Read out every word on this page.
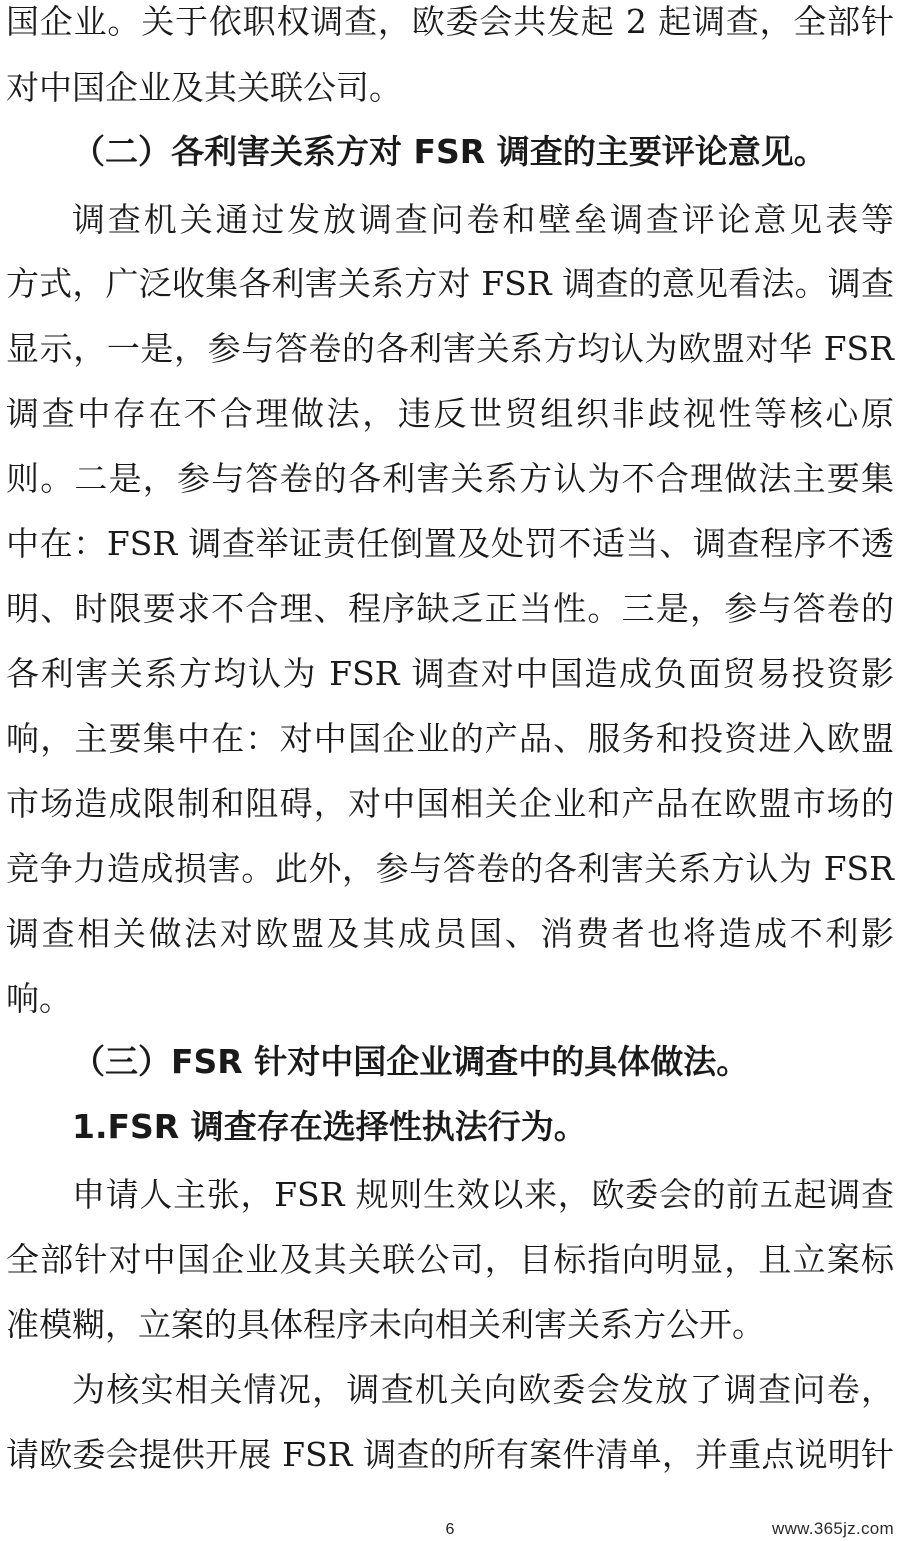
国企业。关于依职权调查，欧委会共发起 2 起调查，全部针
对中国企业及其关联公司。
（二）各利害关系方对 FSR 调查的主要评论意见。
调查机关通过发放调查问卷和壁垒调查评论意见表等
方式，广泛收集各利害关系方对 FSR 调查的意见看法。调查
显示，一是，参与答卷的各利害关系方均认为欧盟对华 FSR
调查中存在不合理做法，违反世贸组织非歧视性等核心原
则。二是，参与答卷的各利害关系方认为不合理做法主要集
中在：FSR 调查举证责任倒置及处罚不适当、调查程序不透
明、时限要求不合理、程序缺乏正当性。三是，参与答卷的
各利害关系方均认为 FSR 调查对中国造成负面贸易投资影
响，主要集中在：对中国企业的产品、服务和投资进入欧盟
市场造成限制和阻碍，对中国相关企业和产品在欧盟市场的
竞争力造成损害。此外，参与答卷的各利害关系方认为 FSR
调查相关做法对欧盟及其成员国、消费者也将造成不利影
响。
（三）FSR 针对中国企业调查中的具体做法。
1.FSR 调查存在选择性执法行为。
申请人主张，FSR 规则生效以来，欧委会的前五起调查
全部针对中国企业及其关联公司，目标指向明显，且立案标
准模糊，立案的具体程序未向相关利害关系方公开。
为核实相关情况，调查机关向欧委会发放了调查问卷，
请欧委会提供开展 FSR 调查的所有案件清单，并重点说明针
6	www.365jz.com
